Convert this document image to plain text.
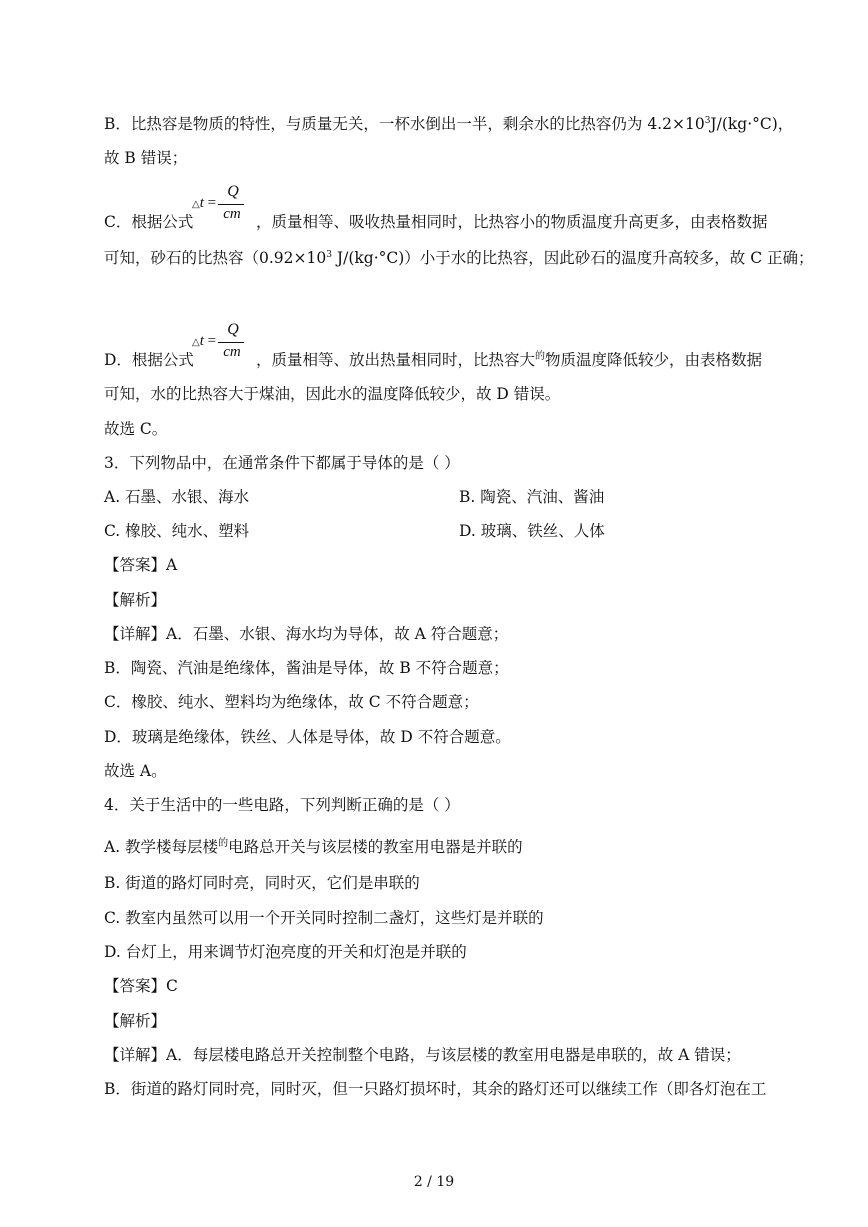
B．比热容是物质的特性，与质量无关，一杯水倒出一半，剩余水的比热容仍为 $4.2\times 10^3J/(kg\cdot^\circ C)$，
故 B 错误；
△t =
Q
cm
C．根据公式	，质量相等、吸收热量相同时，比热容小的物质温度升高更多，由表格数据
可知，砂石的比热容（$0.92\times 10^3$ J/(kg·°C)）小于水的比热容，因此砂石的温度升高较多，故 C 正确；
△t =
Q
cm
D．根据公式	，质量相等、放出热量相同时，比热容大$^的$物质温度降低较少，由表格数据
可知，水的比热容大于煤油，因此水的温度降低较少，故 D 错误。
故选 C。
3．下列物品中，在通常条件下都属于导体的是（ ）
A. 石墨、水银、海水	B. 陶瓷、汽油、酱油
C. 橡胶、纯水、塑料	D. 玻璃、铁丝、人体
【答案】A
【解析】
【详解】A．石墨、水银、海水均为导体，故 A 符合题意；
B．陶瓷、汽油是绝缘体，酱油是导体，故 B 不符合题意；
C．橡胶、纯水、塑料均为绝缘体，故 C 不符合题意；
D．玻璃是绝缘体，铁丝、人体是导体，故 D 不符合题意。
故选 A。
4．关于生活中的一些电路，下列判断正确的是（ ）
A. 教学楼每层楼$^的$电路总开关与该层楼的教室用电器是并联的
B. 街道的路灯同时亮，同时灭，它们是串联的
C. 教室内虽然可以用一个开关同时控制二盏灯，这些灯是并联的
D. 台灯上，用来调节灯泡亮度的开关和灯泡是并联的
【答案】C
【解析】
【详解】A．每层楼电路总开关控制整个电路，与该层楼的教室用电器是串联的，故 A 错误；
B．街道的路灯同时亮，同时灭，但一只路灯损坏时，其余的路灯还可以继续工作（即各灯泡在工
2 / 19
